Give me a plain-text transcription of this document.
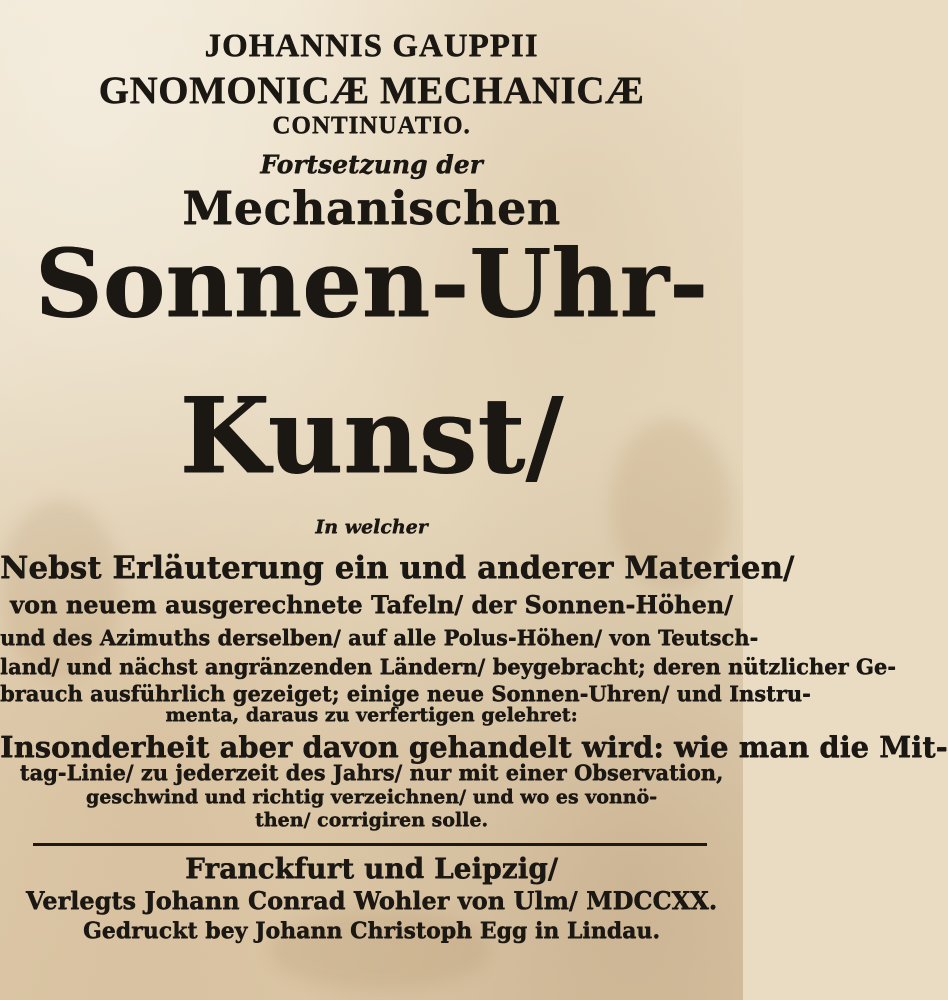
JOHANNIS GAUPPII
GNOMONICÆ MECHANICÆ
CONTINUATIO.
Fortsetzung der
Mechanischen
Sonnen-Uhr-
Kunst/
In welcher
Nebst Erläuterung ein und anderer Materien/
von neuem ausgerechnete Tafeln/ der Sonnen-Höhen/
und des Azimuths derselben/ auf alle Polus-Höhen/ von Teutsch-
land/ und nächst angränzenden Ländern/ beygebracht; deren nützlicher Ge-
brauch ausführlich gezeiget; einige neue Sonnen-Uhren/ und Instru-
menta, daraus zu verfertigen gelehret:
Insonderheit aber davon gehandelt wird: wie man die Mit-
tag-Linie/ zu jederzeit des Jahrs/ nur mit einer Observation,
geschwind und richtig verzeichnen/ und wo es vonnö-
then/ corrigiren solle.
Franckfurt und Leipzig/
Verlegts Johann Conrad Wohler von Ulm/ MDCCXX.
Gedruckt bey Johann Christoph Egg in Lindau.
